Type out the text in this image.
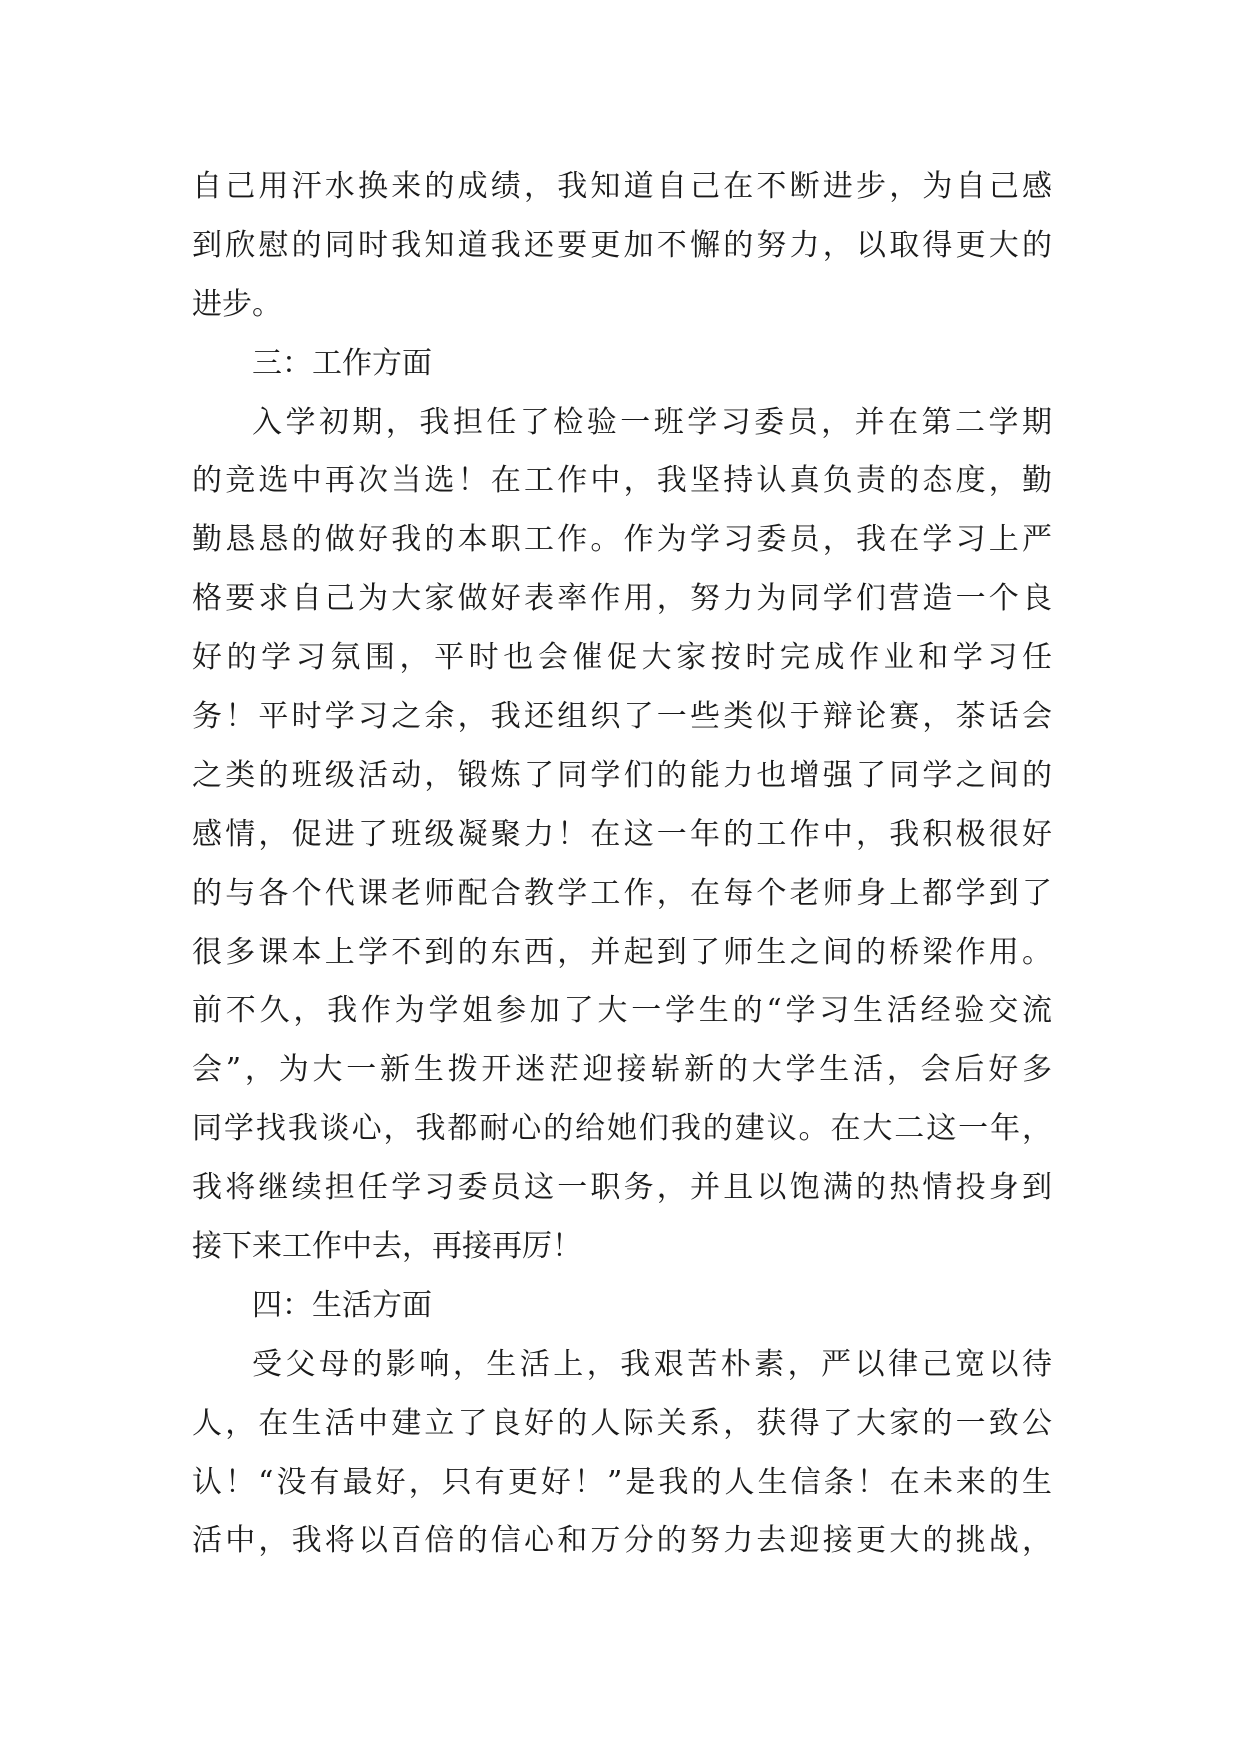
自己用汗水换来的成绩，我知道自己在不断进步，为自己感
到欣慰的同时我知道我还要更加不懈的努力，以取得更大的
进步。
三：工作方面
入学初期，我担任了检验一班学习委员，并在第二学期
的竞选中再次当选！在工作中，我坚持认真负责的态度，勤
勤恳恳的做好我的本职工作。作为学习委员，我在学习上严
格要求自己为大家做好表率作用，努力为同学们营造一个良
好的学习氛围，平时也会催促大家按时完成作业和学习任
务！平时学习之余，我还组织了一些类似于辩论赛，茶话会
之类的班级活动，锻炼了同学们的能力也增强了同学之间的
感情，促进了班级凝聚力！在这一年的工作中，我积极很好
的与各个代课老师配合教学工作，在每个老师身上都学到了
很多课本上学不到的东西，并起到了师生之间的桥梁作用。
前不久，我作为学姐参加了大一学生的“学习生活经验交流
会”，为大一新生拨开迷茫迎接崭新的大学生活，会后好多
同学找我谈心，我都耐心的给她们我的建议。在大二这一年，
我将继续担任学习委员这一职务，并且以饱满的热情投身到
接下来工作中去，再接再厉！
四：生活方面
受父母的影响，生活上，我艰苦朴素，严以律己宽以待
人，在生活中建立了良好的人际关系，获得了大家的一致公
认！“没有最好，只有更好！”是我的人生信条！在未来的生
活中，我将以百倍的信心和万分的努力去迎接更大的挑战，
